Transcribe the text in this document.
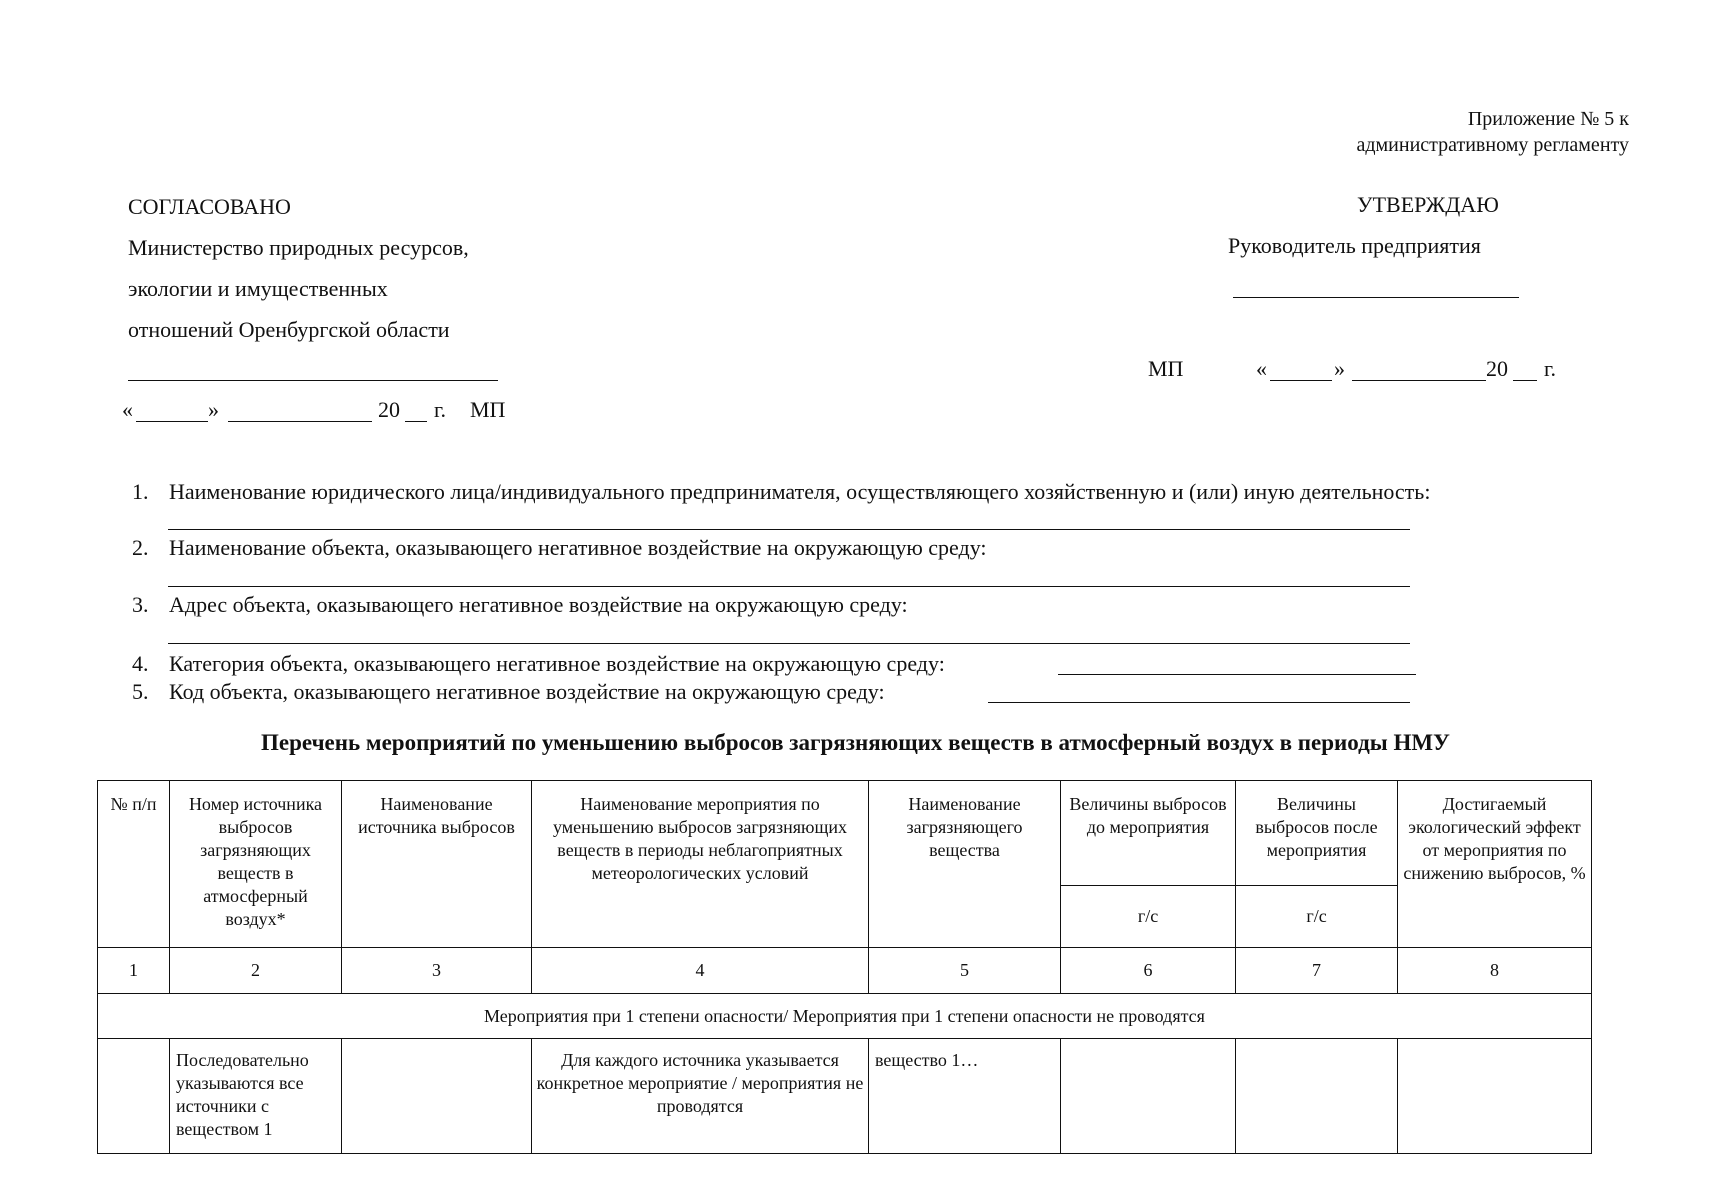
Приложение № 5 к
административному регламенту
СОГЛАСОВАНО
Министерство природных ресурсов,
экологии и имущественных
отношений Оренбургской области
«	»	20 г. МП
УТВЕРЖДАЮ
Руководитель предприятия
МП	«	»	20 г.
1. Наименование юридического лица/индивидуального предпринимателя, осуществляющего хозяйственную и (или) иную деятельность:
2. Наименование объекта, оказывающего негативное воздействие на окружающую среду:
3. Адрес объекта, оказывающего негативное воздействие на окружающую среду:
4. Категория объекта, оказывающего негативное воздействие на окружающую среду:
5. Код объекта, оказывающего негативное воздействие на окружающую среду:
Перечень мероприятий по уменьшению выбросов загрязняющих веществ в атмосферный воздух в периоды НМУ
№ п/п	Номер источника выбросов загрязняющих веществ в атмосферный воздух*	Наименование источника выбросов	Наименование мероприятия по уменьшению выбросов загрязняющих веществ в периоды неблагоприятных метеорологических условий	Наименование загрязняющего вещества	Величины выбросов до мероприятия	Величины выбросов после мероприятия	Достигаемый экологический эффект от мероприятия по снижению выбросов, %
					г/с	г/с	
1	2	3	4	5	6	7	8
Мероприятия при 1 степени опасности/ Мероприятия при 1 степени опасности не проводятся							
	Последовательно указываются все источники с веществом 1		Для каждого источника указывается конкретное мероприятие / мероприятия не проводятся	вещество 1…			
